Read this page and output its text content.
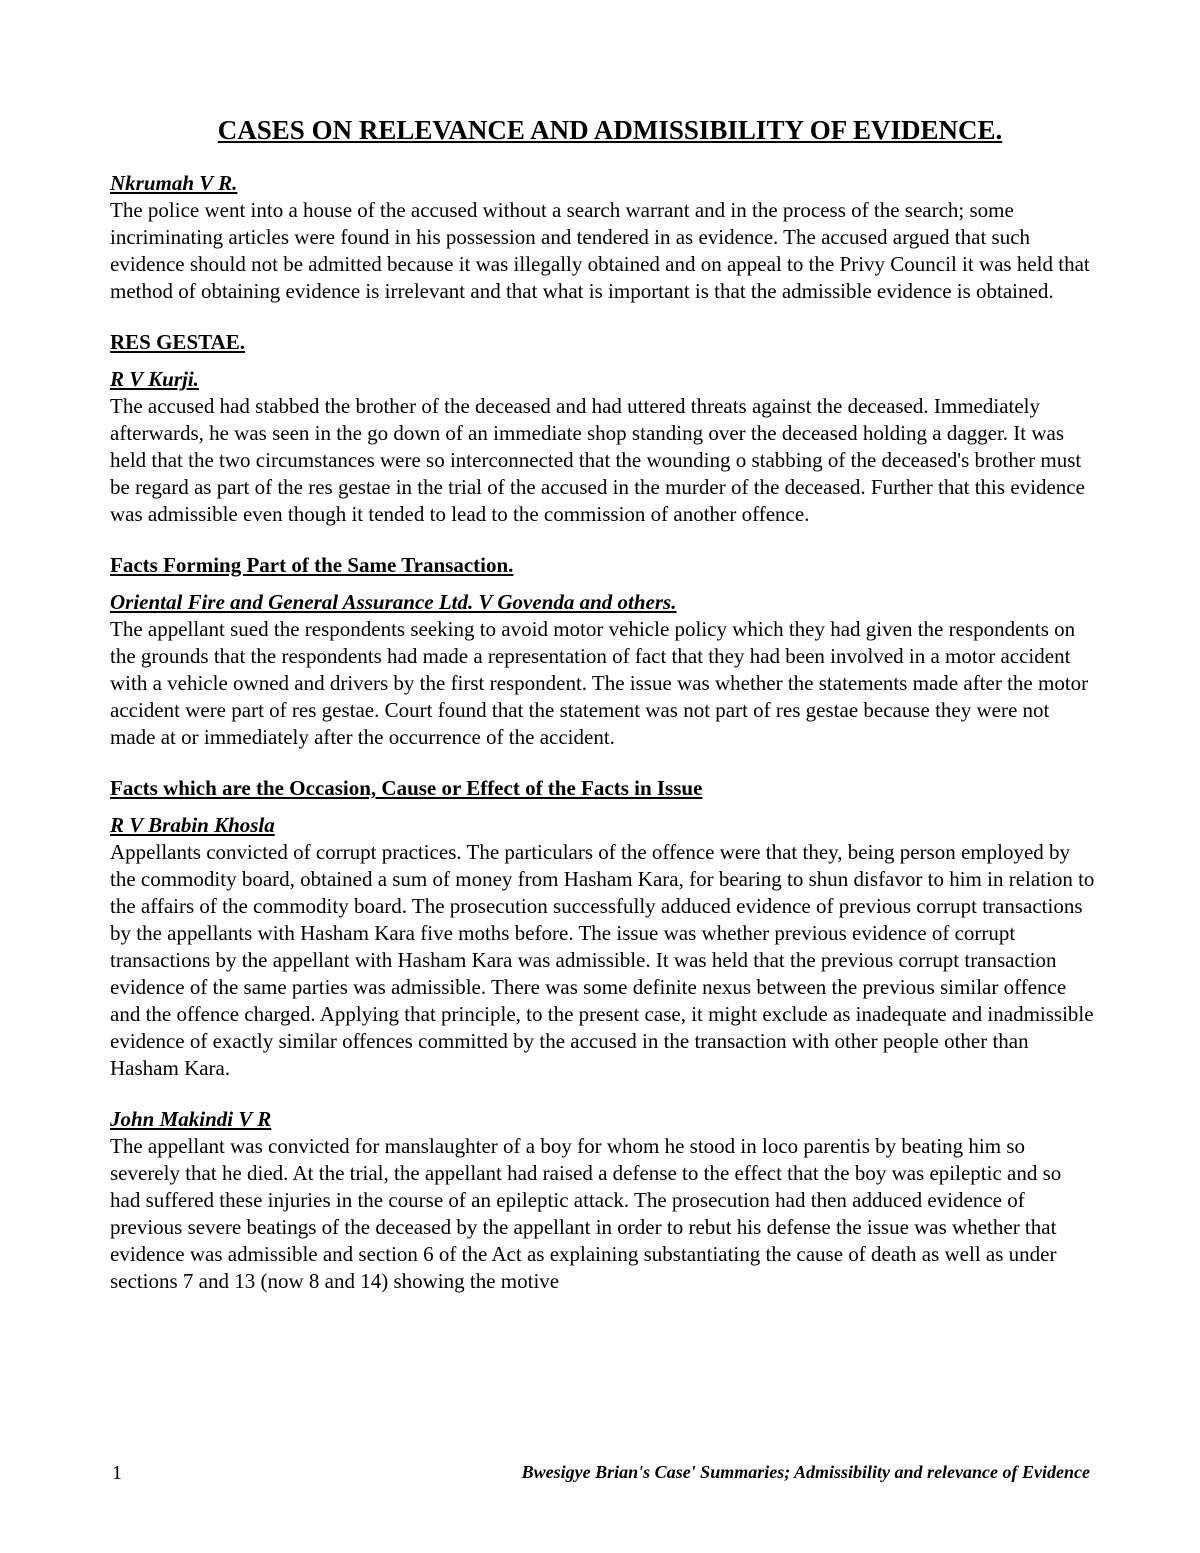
CASES ON RELEVANCE AND ADMISSIBILITY OF EVIDENCE.

Nkrumah V R.

The police went into a house of the accused without a search warrant and in the process of the search; some incriminating articles were found in his possession and tendered in as evidence. The accused argued that such evidence should not be admitted because it was illegally obtained and on appeal to the Privy Council it was held that method of obtaining evidence is irrelevant and that what is important is that the admissible evidence is obtained.

RES GESTAE.

R V Kurji.

The accused had stabbed the brother of the deceased and had uttered threats against the deceased. Immediately afterwards, he was seen in the go down of an immediate shop standing over the deceased holding a dagger. It was held that the two circumstances were so interconnected that the wounding o stabbing of the deceased's brother must be regard as part of the res gestae in the trial of the accused in the murder of the deceased. Further that this evidence was admissible even though it tended to lead to the commission of another offence.

Facts Forming Part of the Same Transaction.

Oriental Fire and General Assurance Ltd. V Govenda and others.

The appellant sued the respondents seeking to avoid motor vehicle policy which they had given the respondents on the grounds that the respondents had made a representation of fact that they had been involved in a motor accident with a vehicle owned and drivers by the first respondent. The issue was whether the statements made after the motor accident were part of res gestae. Court found that the statement was not part of res gestae because they were not made at or immediately after the occurrence of the accident.

Facts which are the Occasion, Cause or Effect of the Facts in Issue

R V Brabin Khosla

Appellants convicted of corrupt practices. The particulars of the offence were that they, being person employed by the commodity board, obtained a sum of money from Hasham Kara, for bearing to shun disfavor to him in relation to the affairs of the commodity board. The prosecution successfully adduced evidence of previous corrupt transactions by the appellants with Hasham Kara five moths before. The issue was whether previous evidence of corrupt transactions by the appellant with Hasham Kara was admissible. It was held that the previous corrupt transaction evidence of the same parties was admissible. There was some definite nexus between the previous similar offence and the offence charged. Applying that principle, to the present case, it might exclude as inadequate and inadmissible evidence of exactly similar offences committed by the accused in the transaction with other people other than Hasham Kara.

John Makindi V R

The appellant was convicted for manslaughter of a boy for whom he stood in loco parentis by beating him so severely that he died. At the trial, the appellant had raised a defense to the effect that the boy was epileptic and so had suffered these injuries in the course of an epileptic attack. The prosecution had then adduced evidence of previous severe beatings of the deceased by the appellant in order to rebut his defense the issue was whether that evidence was admissible and section 6 of the Act as explaining substantiating the cause of death as well as under sections 7 and 13 (now 8 and 14) showing the motive

1	Bwesigye Brian's Case' Summaries; Admissibility and relevance of Evidence
